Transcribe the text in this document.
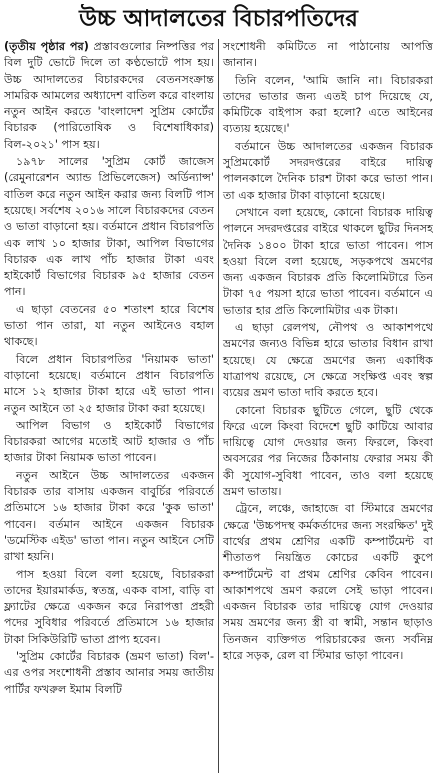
উচ্চ আদালতের বিচারপতিদের

(তৃতীয় পৃষ্ঠার পর) প্রস্তাবগুলোর নিষ্পত্তির পর বিল দুটি ভোটে দিলে তা কণ্ঠভোটে পাস হয়। উচ্চ আদালতের বিচারকদের বেতনসংক্রান্ত সামরিক আমলের অধ্যাদেশ বাতিল করে বাংলায় নতুন আইন করতে 'বাংলাদেশ সুপ্রিম কোর্টের বিচারক (পারিতোষিক ও বিশেষাধিকার) বিল-২০২১' পাস হয়।

১৯৭৮ সালের 'সুপ্রিম কোর্ট জাজেস (রেমুনারেশন অ্যান্ড প্রিভিলেজেস) অর্ডিন্যান্স' বাতিল করে নতুন আইন করার জন্য বিলটি পাস হয়েছে। সর্বশেষ ২০১৬ সালে বিচারকদের বেতন ও ভাতা বাড়ানো হয়। বর্তমানে প্রধান বিচারপতি এক লাখ ১০ হাজার টাকা, আপিল বিভাগের বিচারক এক লাখ পাঁচ হাজার টাকা এবং হাইকোর্ট বিভাগের বিচারক ৯৫ হাজার বেতন পান।

এ ছাড়া বেতনের ৫০ শতাংশ হারে বিশেষ ভাতা পান তারা, যা নতুন আইনেও বহাল থাকছে।

বিলে প্রধান বিচারপতির 'নিয়ামক ভাতা' বাড়ানো হয়েছে। বর্তমানে প্রধান বিচারপতি মাসে ১২ হাজার টাকা হারে এই ভাতা পান। নতুন আইনে তা ২৫ হাজার টাকা করা হয়েছে।

আপিল বিভাগ ও হাইকোর্ট বিভাগের বিচারকরা আগের মতোই আট হাজার ও পাঁচ হাজার টাকা নিয়ামক ভাতা পাবেন।

নতুন আইনে উচ্চ আদালতের একজন বিচারক তার বাসায় একজন বাবুর্চির পরিবর্তে প্রতিমাসে ১৬ হাজার টাকা করে 'কুক ভাতা' পাবেন। বর্তমান আইনে একজন বিচারক 'ডমেস্টিক এইড' ভাতা পান। নতুন আইনে সেটি রাখা হয়নি।

পাস হওয়া বিলে বলা হয়েছে, বিচারকরা তাদের ইয়ারমার্কড, স্বতন্ত্র, একক বাসা, বাড়ি বা ফ্ল্যাটের ক্ষেত্রে একজন করে নিরাপত্তা প্রহরী পদের সুবিধার পরিবর্তে প্রতিমাসে ১৬ হাজার টাকা সিকিউরিটি ভাতা প্রাপ্য হবেন।

'সুপ্রিম কোর্টের বিচারক (ভ্রমণ ভাতা) বিল'-এর ওপর সংশোধনী প্রস্তাব আনার সময় জাতীয় পার্টির ফখরুল ইমাম বিলটি

সংশোধনী কমিটিতে না পাঠানোয় আপত্তি জানান।

তিনি বলেন, 'আমি জানি না। বিচারকরা তাদের ভাতার জন্য এতই চাপ দিয়েছে যে, কমিটিকে বাইপাস করা হলো? এতে আইনের ব্যত্যয় হয়েছে।'

বর্তমানে উচ্চ আদালতের একজন বিচারক সুপ্রিমকোর্ট সদরদপ্তরের বাইরে দায়িত্ব পালনকালে দৈনিক চারশ টাকা করে ভাতা পান। তা এক হাজার টাকা বাড়ানো হয়েছে।

সেখানে বলা হয়েছে, কোনো বিচারক দায়িত্ব পালনে সদরদপ্তরের বাইরে থাকলে ছুটির দিনসহ দৈনিক ১৪০০ টাকা হারে ভাতা পাবেন। পাস হওয়া বিলে বলা হয়েছে, সড়কপথে ভ্রমণের জন্য একজন বিচারক প্রতি কিলোমিটারে তিন টাকা ৭৫ পয়সা হারে ভাতা পাবেন। বর্তমানে এ ভাতার হার প্রতি কিলোমিটার এক টাকা।

এ ছাড়া রেলপথ, নৌপথ ও আকাশপথে ভ্রমণের জন্যও বিভিন্ন হারে ভাতার বিধান রাখা হয়েছে। যে ক্ষেত্রে ভ্রমণের জন্য একাধিক যাত্রাপথ রয়েছে, সে ক্ষেত্রে সংক্ষিপ্ত এবং স্বল্প ব্যয়ের ভ্রমণ ভাতা দাবি করতে হবে।

কোনো বিচারক ছুটিতে গেলে, ছুটি থেকে ফিরে এলে কিংবা বিদেশে ছুটি কাটিয়ে আবার দায়িত্বে যোগ দেওয়ার জন্য ফিরলে, কিংবা অবসরের পর নিজের ঠিকানায় ফেরার সময় কী কী সুযোগ-সুবিধা পাবেন, তাও বলা হয়েছে ভ্রমণ ভাতায়।

ট্রেনে, লঞ্চে, জাহাজে বা স্টিমারে ভ্রমণের ক্ষেত্রে 'উচ্চপদস্থ কর্মকর্তাদের জন্য সংরক্ষিত' দুই বার্থের প্রথম শ্রেণির একটি কম্পার্টমেন্ট বা শীতাতপ নিয়ন্ত্রিত কোচের একটি কুপে কম্পার্টমেন্ট বা প্রথম শ্রেণির কেবিন পাবেন। আকাশপথে ভ্রমণ করলে সেই ভাড়া পাবেন। একজন বিচারক তার দায়িত্বে যোগ দেওয়ার সময় ভ্রমণের জন্য স্ত্রী বা স্বামী, সন্তান ছাড়াও তিনজন ব্যক্তিগত পরিচারকের জন্য সর্বনিম্ন হারে সড়ক, রেল বা স্টিমার ভাড়া পাবেন।
